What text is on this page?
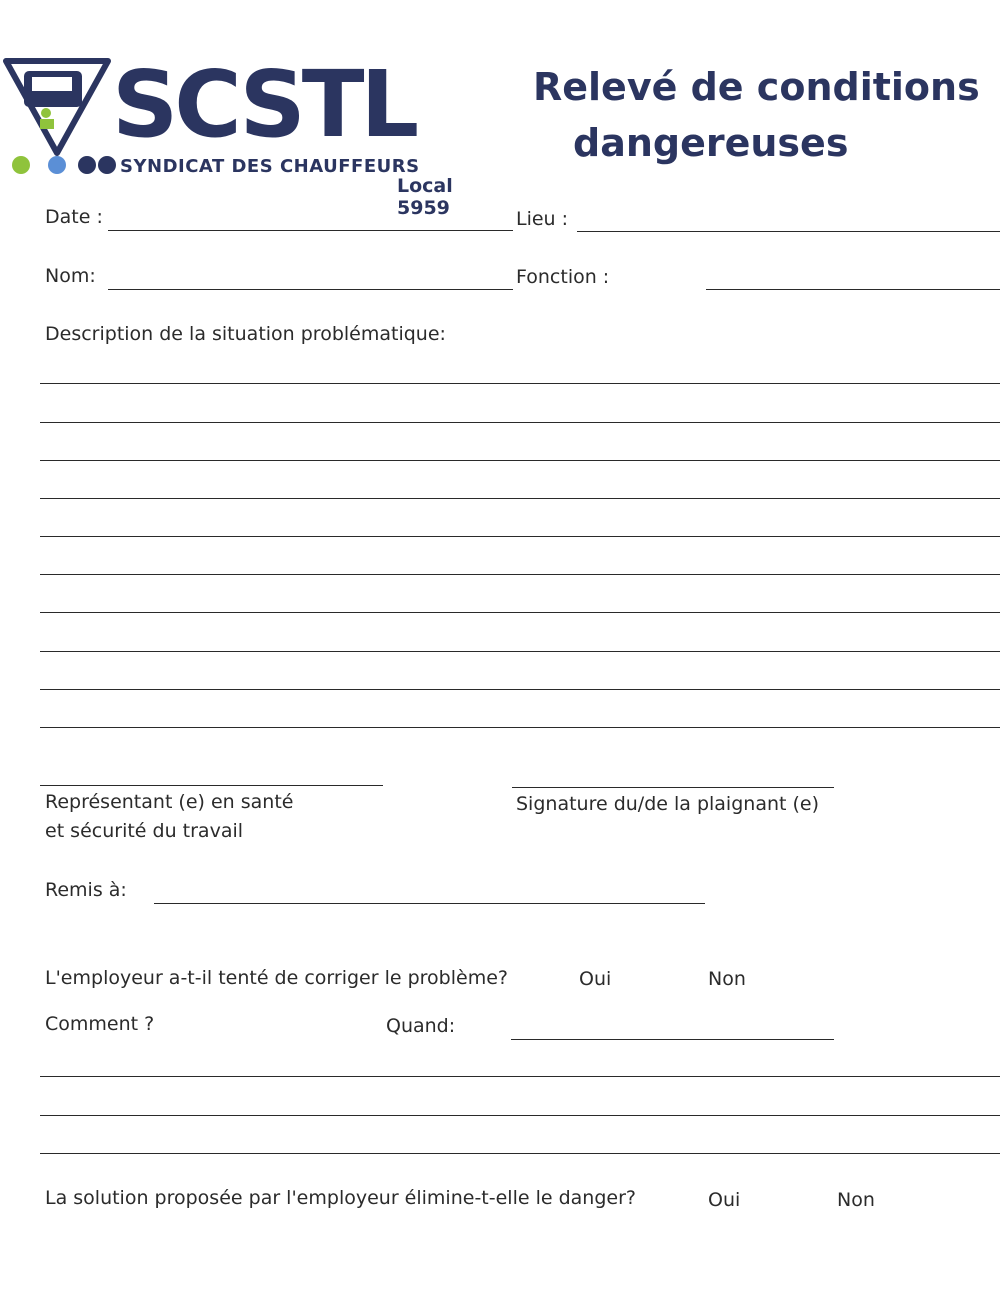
SCSTL
SYNDICAT DES CHAUFFEURS
Local 5959
Relevé de conditions
dangereuses
Date :	Lieu :
Nom:	Fonction :
Description de la situation problématique:
Représentant (e) en santé
et sécurité du travail
Signature du/de la plaignant (e)
Remis à:
L'employeur a-t-il tenté de corriger le problème?	Oui	Non
Comment ?	Quand:
La solution proposée par l'employeur élimine-t-elle le danger?	Oui	Non
